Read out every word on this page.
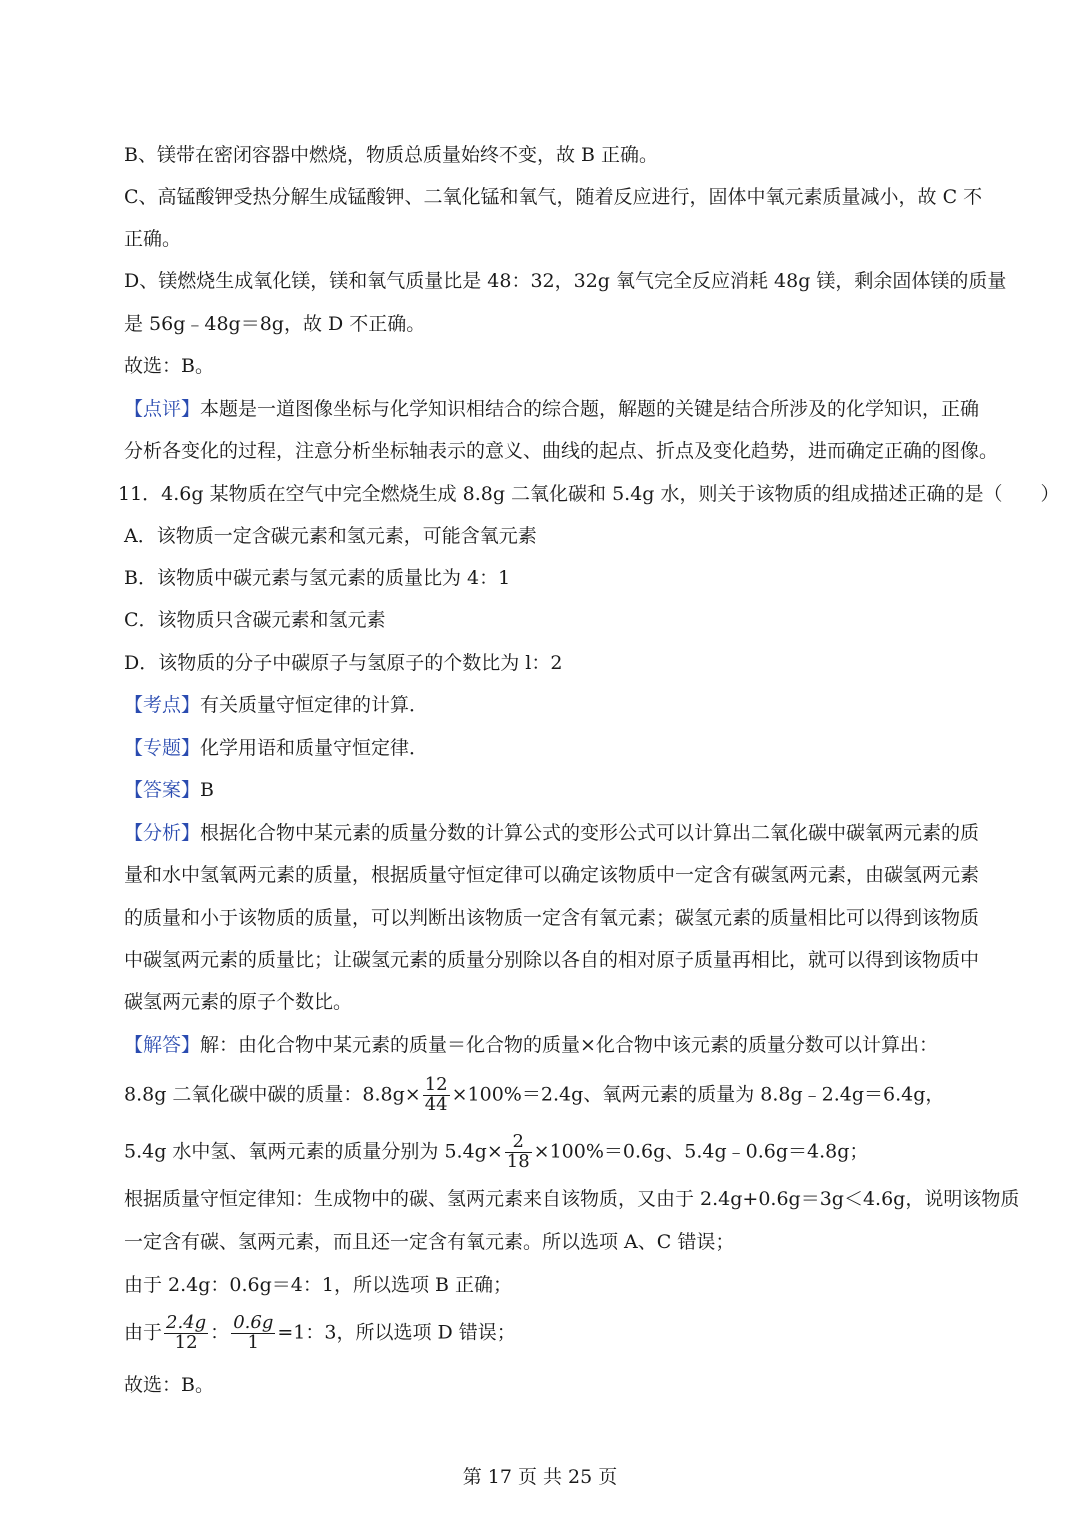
B、镁带在密闭容器中燃烧，物质总质量始终不变，故 B 正确。
C、高锰酸钾受热分解生成锰酸钾、二氧化锰和氧气，随着反应进行，固体中氧元素质量减小，故 C 不
正确。
D、镁燃烧生成氧化镁，镁和氧气质量比是 48：32，32g 氧气完全反应消耗 48g 镁，剩余固体镁的质量
是 56g﹣48g＝8g，故 D 不正确。
故选：B。
【点评】本题是一道图像坐标与化学知识相结合的综合题，解题的关键是结合所涉及的化学知识，正确
分析各变化的过程，注意分析坐标轴表示的意义、曲线的起点、折点及变化趋势，进而确定正确的图像。
11．4.6g 某物质在空气中完全燃烧生成 8.8g 二氧化碳和 5.4g 水，则关于该物质的组成描述正确的是（　　）
A．该物质一定含碳元素和氢元素，可能含氧元素
B．该物质中碳元素与氢元素的质量比为 4：1
C．该物质只含碳元素和氢元素
D．该物质的分子中碳原子与氢原子的个数比为 l：2
【考点】有关质量守恒定律的计算．
【专题】化学用语和质量守恒定律．
【答案】B
【分析】根据化合物中某元素的质量分数的计算公式的变形公式可以计算出二氧化碳中碳氧两元素的质
量和水中氢氧两元素的质量，根据质量守恒定律可以确定该物质中一定含有碳氢两元素，由碳氢两元素
的质量和小于该物质的质量，可以判断出该物质一定含有氧元素；碳氢元素的质量相比可以得到该物质
中碳氢两元素的质量比；让碳氢元素的质量分别除以各自的相对原子质量再相比，就可以得到该物质中
碳氢两元素的原子个数比。
【解答】解：由化合物中某元素的质量＝化合物的质量×化合物中该元素的质量分数可以计算出：
8.8g 二氧化碳中碳的质量：$8.8g\times \frac{12}{44} \times 100\%=2.4g$、氧两元素的质量为 8.8g﹣2.4g＝6.4g，
5.4g 水中氢、氧两元素的质量分别为 $5.4g\times \frac{2}{18} \times 100\%=0.6g$、5.4g﹣0.6g＝4.8g；
根据质量守恒定律知：生成物中的碳、氢两元素来自该物质，又由于 2.4g+0.6g＝3g＜4.6g，说明该物质
一定含有碳、氢两元素，而且还一定含有氧元素。所以选项 A、C 错误；
由于 2.4g：0.6g＝4：1，所以选项 B 正确；
由于 $\frac{2.4g}{12}$ ： $\frac{0.6g}{1} =1$：3，所以选项 D 错误；
故选：B。
第 17 页 共 25 页
